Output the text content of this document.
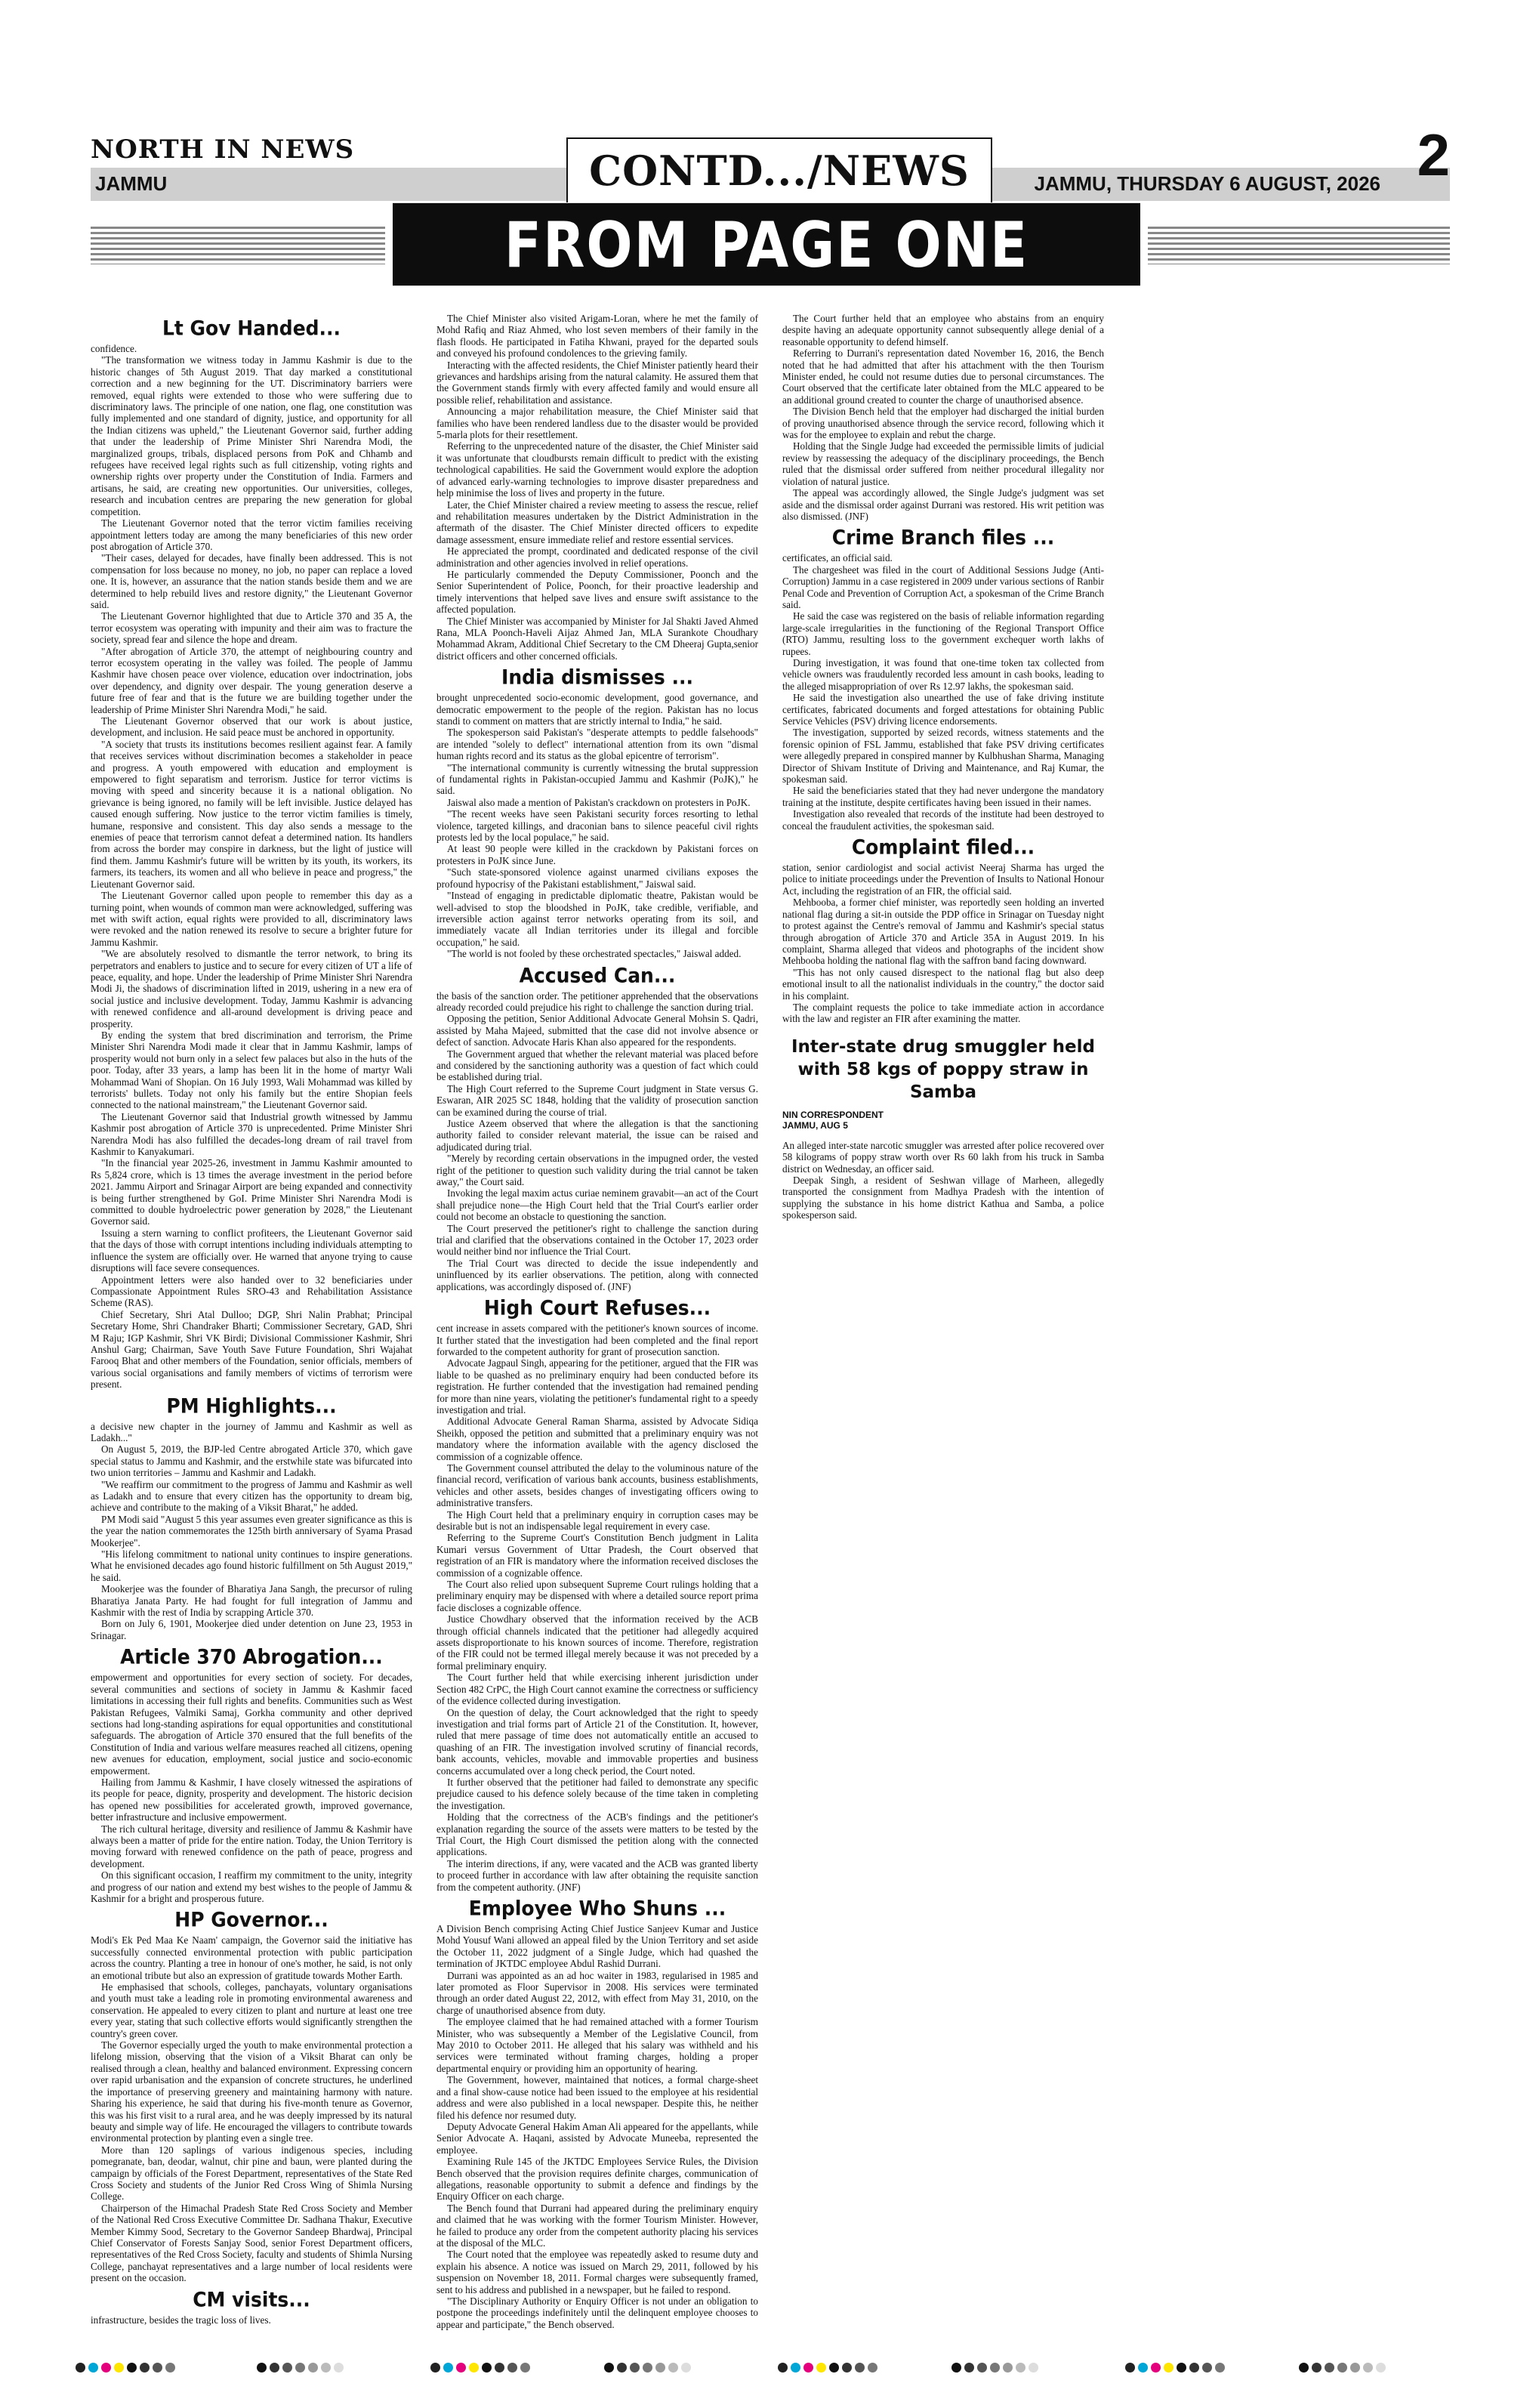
NORTH IN NEWS
JAMMU	JAMMU, THURSDAY 6 AUGUST, 2026 2
CONTD.../NEWS
FROM PAGE ONE
Lt Gov Handed...

confidence.

"The transformation we witness today in Jammu Kashmir is due to the historic changes of 5th August 2019. That day marked a constitutional correction and a new beginning for the UT. Discriminatory barriers were removed, equal rights were extended to those who were suffering due to discriminatory laws. The principle of one nation, one flag, one constitution was fully implemented and one standard of dignity, justice, and opportunity for all the Indian citizens was upheld," the Lieutenant Governor said, further adding that under the leadership of Prime Minister Shri Narendra Modi, the marginalized groups, tribals, displaced persons from PoK and Chhamb and refugees have received legal rights such as full citizenship, voting rights and ownership rights over property under the Constitution of India. Farmers and artisans, he said, are creating new opportunities. Our universities, colleges, research and incubation centres are preparing the new generation for global competition.

The Lieutenant Governor noted that the terror victim families receiving appointment letters today are among the many beneficiaries of this new order post abrogation of Article 370.

"Their cases, delayed for decades, have finally been addressed. This is not compensation for loss because no money, no job, no paper can replace a loved one. It is, however, an assurance that the nation stands beside them and we are determined to help rebuild lives and restore dignity," the Lieutenant Governor said.

The Lieutenant Governor highlighted that due to Article 370 and 35 A, the terror ecosystem was operating with impunity and their aim was to fracture the society, spread fear and silence the hope and dream.

"After abrogation of Article 370, the attempt of neighbouring country and terror ecosystem operating in the valley was foiled. The people of Jammu Kashmir have chosen peace over violence, education over indoctrination, jobs over dependency, and dignity over despair. The young generation deserve a future free of fear and that is the future we are building together under the leadership of Prime Minister Shri Narendra Modi," he said.

The Lieutenant Governor observed that our work is about justice, development, and inclusion. He said peace must be anchored in opportunity.

"A society that trusts its institutions becomes resilient against fear. A family that receives services without discrimination becomes a stakeholder in peace and progress. A youth empowered with education and employment is empowered to fight separatism and terrorism. Justice for terror victims is moving with speed and sincerity because it is a national obligation. No grievance is being ignored, no family will be left invisible. Justice delayed has caused enough suffering. Now justice to the terror victim families is timely, humane, responsive and consistent. This day also sends a message to the enemies of peace that terrorism cannot defeat a determined nation. Its handlers from across the border may conspire in darkness, but the light of justice will find them. Jammu Kashmir's future will be written by its youth, its workers, its farmers, its teachers, its women and all who believe in peace and progress," the Lieutenant Governor said.

The Lieutenant Governor called upon people to remember this day as a turning point, when wounds of common man were acknowledged, suffering was met with swift action, equal rights were provided to all, discriminatory laws were revoked and the nation renewed its resolve to secure a brighter future for Jammu Kashmir.

"We are absolutely resolved to dismantle the terror network, to bring its perpetrators and enablers to justice and to secure for every citizen of UT a life of peace, equality, and hope. Under the leadership of Prime Minister Shri Narendra Modi Ji, the shadows of discrimination lifted in 2019, ushering in a new era of social justice and inclusive development. Today, Jammu Kashmir is advancing with renewed confidence and all-around development is driving peace and prosperity.

By ending the system that bred discrimination and terrorism, the Prime Minister Shri Narendra Modi made it clear that in Jammu Kashmir, lamps of prosperity would not burn only in a select few palaces but also in the huts of the poor. Today, after 33 years, a lamp has been lit in the home of martyr Wali Mohammad Wani of Shopian. On 16 July 1993, Wali Mohammad was killed by terrorists' bullets. Today not only his family but the entire Shopian feels connected to the national mainstream," the Lieutenant Governor said.

The Lieutenant Governor said that Industrial growth witnessed by Jammu Kashmir post abrogation of Article 370 is unprecedented. Prime Minister Shri Narendra Modi has also fulfilled the decades-long dream of rail travel from Kashmir to Kanyakumari.

"In the financial year 2025-26, investment in Jammu Kashmir amounted to Rs 5,824 crore, which is 13 times the average investment in the period before 2021. Jammu Airport and Srinagar Airport are being expanded and connectivity is being further strengthened by GoI. Prime Minister Shri Narendra Modi is committed to double hydroelectric power generation by 2028," the Lieutenant Governor said.

Issuing a stern warning to conflict profiteers, the Lieutenant Governor said that the days of those with corrupt intentions including individuals attempting to influence the system are officially over. He warned that anyone trying to cause disruptions will face severe consequences.

Appointment letters were also handed over to 32 beneficiaries under Compassionate Appointment Rules SRO-43 and Rehabilitation Assistance Scheme (RAS).

Chief Secretary, Shri Atal Dulloo; DGP, Shri Nalin Prabhat; Principal Secretary Home, Shri Chandraker Bharti; Commissioner Secretary, GAD, Shri M Raju; IGP Kashmir, Shri VK Birdi; Divisional Commissioner Kashmir, Shri Anshul Garg; Chairman, Save Youth Save Future Foundation, Shri Wajahat Farooq Bhat and other members of the Foundation, senior officials, members of various social organisations and family members of victims of terrorism were present.

PM Highlights...

a decisive new chapter in the journey of Jammu and Kashmir as well as Ladakh..."

On August 5, 2019, the BJP-led Centre abrogated Article 370, which gave special status to Jammu and Kashmir, and the erstwhile state was bifurcated into two union territories – Jammu and Kashmir and Ladakh.

"We reaffirm our commitment to the progress of Jammu and Kashmir as well as Ladakh and to ensure that every citizen has the opportunity to dream big, achieve and contribute to the making of a Viksit Bharat," he added.

PM Modi said "August 5 this year assumes even greater significance as this is the year the nation commemorates the 125th birth anniversary of Syama Prasad Mookerjee".

"His lifelong commitment to national unity continues to inspire generations. What he envisioned decades ago found historic fulfillment on 5th August 2019," he said.

Mookerjee was the founder of Bharatiya Jana Sangh, the precursor of ruling Bharatiya Janata Party. He had fought for full integration of Jammu and Kashmir with the rest of India by scrapping Article 370.

Born on July 6, 1901, Mookerjee died under detention on June 23, 1953 in Srinagar.

Article 370 Abrogation...

empowerment and opportunities for every section of society. For decades, several communities and sections of society in Jammu & Kashmir faced limitations in accessing their full rights and benefits. Communities such as West Pakistan Refugees, Valmiki Samaj, Gorkha community and other deprived sections had long-standing aspirations for equal opportunities and constitutional safeguards. The abrogation of Article 370 ensured that the full benefits of the Constitution of India and various welfare measures reached all citizens, opening new avenues for education, employment, social justice and socio-economic empowerment.

Hailing from Jammu & Kashmir, I have closely witnessed the aspirations of its people for peace, dignity, prosperity and development. The historic decision has opened new possibilities for accelerated growth, improved governance, better infrastructure and inclusive empowerment.

The rich cultural heritage, diversity and resilience of Jammu & Kashmir have always been a matter of pride for the entire nation. Today, the Union Territory is moving forward with renewed confidence on the path of peace, progress and development.

On this significant occasion, I reaffirm my commitment to the unity, integrity and progress of our nation and extend my best wishes to the people of Jammu & Kashmir for a bright and prosperous future.

HP Governor...

Modi's Ek Ped Maa Ke Naam' campaign, the Governor said the initiative has successfully connected environmental protection with public participation across the country. Planting a tree in honour of one's mother, he said, is not only an emotional tribute but also an expression of gratitude towards Mother Earth.

He emphasised that schools, colleges, panchayats, voluntary organisations and youth must take a leading role in promoting environmental awareness and conservation. He appealed to every citizen to plant and nurture at least one tree every year, stating that such collective efforts would significantly strengthen the country's green cover.

The Governor especially urged the youth to make environmental protection a lifelong mission, observing that the vision of a Viksit Bharat can only be realised through a clean, healthy and balanced environment. Expressing concern over rapid urbanisation and the expansion of concrete structures, he underlined the importance of preserving greenery and maintaining harmony with nature. Sharing his experience, he said that during his five-month tenure as Governor, this was his first visit to a rural area, and he was deeply impressed by its natural beauty and simple way of life. He encouraged the villagers to contribute towards environmental protection by planting even a single tree.

More than 120 saplings of various indigenous species, including pomegranate, ban, deodar, walnut, chir pine and baun, were planted during the campaign by officials of the Forest Department, representatives of the State Red Cross Society and students of the Junior Red Cross Wing of Shimla Nursing College.

Chairperson of the Himachal Pradesh State Red Cross Society and Member of the National Red Cross Executive Committee Dr. Sadhana Thakur, Executive Member Kimmy Sood, Secretary to the Governor Sandeep Bhardwaj, Principal Chief Conservator of Forests Sanjay Sood, senior Forest Department officers, representatives of the Red Cross Society, faculty and students of Shimla Nursing College, panchayat representatives and a large number of local residents were present on the occasion.

CM visits...

infrastructure, besides the tragic loss of lives.

The Chief Minister also visited Arigam-Loran, where he met the family of Mohd Rafiq and Riaz Ahmed, who lost seven members of their family in the flash floods. He participated in Fatiha Khwani, prayed for the departed souls and conveyed his profound condolences to the grieving family.

Interacting with the affected residents, the Chief Minister patiently heard their grievances and hardships arising from the natural calamity. He assured them that the Government stands firmly with every affected family and would ensure all possible relief, rehabilitation and assistance.

Announcing a major rehabilitation measure, the Chief Minister said that families who have been rendered landless due to the disaster would be provided 5-marla plots for their resettlement.

Referring to the unprecedented nature of the disaster, the Chief Minister said it was unfortunate that cloudbursts remain difficult to predict with the existing technological capabilities. He said the Government would explore the adoption of advanced early-warning technologies to improve disaster preparedness and help minimise the loss of lives and property in the future.

Later, the Chief Minister chaired a review meeting to assess the rescue, relief and rehabilitation measures undertaken by the District Administration in the aftermath of the disaster. The Chief Minister directed officers to expedite damage assessment, ensure immediate relief and restore essential services.

He appreciated the prompt, coordinated and dedicated response of the civil administration and other agencies involved in relief operations.

He particularly commended the Deputy Commissioner, Poonch and the Senior Superintendent of Police, Poonch, for their proactive leadership and timely interventions that helped save lives and ensure swift assistance to the affected population.

The Chief Minister was accompanied by Minister for Jal Shakti Javed Ahmed Rana, MLA Poonch-Haveli Aijaz Ahmed Jan, MLA Surankote Choudhary Mohammad Akram, Additional Chief Secretary to the CM Dheeraj Gupta,senior district officers and other concerned officials.

India dismisses ...

brought unprecedented socio-economic development, good governance, and democratic empowerment to the people of the region. Pakistan has no locus standi to comment on matters that are strictly internal to India," he said.

The spokesperson said Pakistan's "desperate attempts to peddle falsehoods" are intended "solely to deflect" international attention from its own "dismal human rights record and its status as the global epicentre of terrorism".

"The international community is currently witnessing the brutal suppression of fundamental rights in Pakistan-occupied Jammu and Kashmir (PoJK)," he said.

Jaiswal also made a mention of Pakistan's crackdown on protesters in PoJK.

"The recent weeks have seen Pakistani security forces resorting to lethal violence, targeted killings, and draconian bans to silence peaceful civil rights protests led by the local populace," he said.

At least 90 people were killed in the crackdown by Pakistani forces on protesters in PoJK since June.

"Such state-sponsored violence against unarmed civilians exposes the profound hypocrisy of the Pakistani establishment," Jaiswal said.

"Instead of engaging in predictable diplomatic theatre, Pakistan would be well-advised to stop the bloodshed in PoJK, take credible, verifiable, and irreversible action against terror networks operating from its soil, and immediately vacate all Indian territories under its illegal and forcible occupation," he said.

"The world is not fooled by these orchestrated spectacles," Jaiswal added.

Accused Can...

the basis of the sanction order. The petitioner apprehended that the observations already recorded could prejudice his right to challenge the sanction during trial.

Opposing the petition, Senior Additional Advocate General Mohsin S. Qadri, assisted by Maha Majeed, submitted that the case did not involve absence or defect of sanction. Advocate Haris Khan also appeared for the respondents.

The Government argued that whether the relevant material was placed before and considered by the sanctioning authority was a question of fact which could be established during trial.

The High Court referred to the Supreme Court judgment in State versus G. Eswaran, AIR 2025 SC 1848, holding that the validity of prosecution sanction can be examined during the course of trial.

Justice Azeem observed that where the allegation is that the sanctioning authority failed to consider relevant material, the issue can be raised and adjudicated during trial.

"Merely by recording certain observations in the impugned order, the vested right of the petitioner to question such validity during the trial cannot be taken away," the Court said.

Invoking the legal maxim actus curiae neminem gravabit—an act of the Court shall prejudice none—the High Court held that the Trial Court's earlier order could not become an obstacle to questioning the sanction.

The Court preserved the petitioner's right to challenge the sanction during trial and clarified that the observations contained in the October 17, 2023 order would neither bind nor influence the Trial Court.

The Trial Court was directed to decide the issue independently and uninfluenced by its earlier observations. The petition, along with connected applications, was accordingly disposed of. (JNF)

High Court Refuses...

cent increase in assets compared with the petitioner's known sources of income. It further stated that the investigation had been completed and the final report forwarded to the competent authority for grant of prosecution sanction.

Advocate Jagpaul Singh, appearing for the petitioner, argued that the FIR was liable to be quashed as no preliminary enquiry had been conducted before its registration. He further contended that the investigation had remained pending for more than nine years, violating the petitioner's fundamental right to a speedy investigation and trial.

Additional Advocate General Raman Sharma, assisted by Advocate Sidiqa Sheikh, opposed the petition and submitted that a preliminary enquiry was not mandatory where the information available with the agency disclosed the commission of a cognizable offence.

The Government counsel attributed the delay to the voluminous nature of the financial record, verification of various bank accounts, business establishments, vehicles and other assets, besides changes of investigating officers owing to administrative transfers.

The High Court held that a preliminary enquiry in corruption cases may be desirable but is not an indispensable legal requirement in every case.

Referring to the Supreme Court's Constitution Bench judgment in Lalita Kumari versus Government of Uttar Pradesh, the Court observed that registration of an FIR is mandatory where the information received discloses the commission of a cognizable offence.

The Court also relied upon subsequent Supreme Court rulings holding that a preliminary enquiry may be dispensed with where a detailed source report prima facie discloses a cognizable offence.

Justice Chowdhary observed that the information received by the ACB through official channels indicated that the petitioner had allegedly acquired assets disproportionate to his known sources of income. Therefore, registration of the FIR could not be termed illegal merely because it was not preceded by a formal preliminary enquiry.

The Court further held that while exercising inherent jurisdiction under Section 482 CrPC, the High Court cannot examine the correctness or sufficiency of the evidence collected during investigation.

On the question of delay, the Court acknowledged that the right to speedy investigation and trial forms part of Article 21 of the Constitution. It, however, ruled that mere passage of time does not automatically entitle an accused to quashing of an FIR. The investigation involved scrutiny of financial records, bank accounts, vehicles, movable and immovable properties and business concerns accumulated over a long check period, the Court noted.

It further observed that the petitioner had failed to demonstrate any specific prejudice caused to his defence solely because of the time taken in completing the investigation.

Holding that the correctness of the ACB's findings and the petitioner's explanation regarding the source of the assets were matters to be tested by the Trial Court, the High Court dismissed the petition along with the connected applications.

The interim directions, if any, were vacated and the ACB was granted liberty to proceed further in accordance with law after obtaining the requisite sanction from the competent authority. (JNF)

Employee Who Shuns ...

A Division Bench comprising Acting Chief Justice Sanjeev Kumar and Justice Mohd Yousuf Wani allowed an appeal filed by the Union Territory and set aside the October 11, 2022 judgment of a Single Judge, which had quashed the termination of JKTDC employee Abdul Rashid Durrani.

Durrani was appointed as an ad hoc waiter in 1983, regularised in 1985 and later promoted as Floor Supervisor in 2008. His services were terminated through an order dated August 22, 2012, with effect from May 31, 2010, on the charge of unauthorised absence from duty.

The employee claimed that he had remained attached with a former Tourism Minister, who was subsequently a Member of the Legislative Council, from May 2010 to October 2011. He alleged that his salary was withheld and his services were terminated without framing charges, holding a proper departmental enquiry or providing him an opportunity of hearing.

The Government, however, maintained that notices, a formal charge-sheet and a final show-cause notice had been issued to the employee at his residential address and were also published in a local newspaper. Despite this, he neither filed his defence nor resumed duty.

Deputy Advocate General Hakim Aman Ali appeared for the appellants, while Senior Advocate A. Haqani, assisted by Advocate Muneeba, represented the employee.

Examining Rule 145 of the JKTDC Employees Service Rules, the Division Bench observed that the provision requires definite charges, communication of allegations, reasonable opportunity to submit a defence and findings by the Enquiry Officer on each charge.

The Bench found that Durrani had appeared during the preliminary enquiry and claimed that he was working with the former Tourism Minister. However, he failed to produce any order from the competent authority placing his services at the disposal of the MLC.

The Court noted that the employee was repeatedly asked to resume duty and explain his absence. A notice was issued on March 29, 2011, followed by his suspension on November 18, 2011. Formal charges were subsequently framed, sent to his address and published in a newspaper, but he failed to respond.

"The Disciplinary Authority or Enquiry Officer is not under an obligation to postpone the proceedings indefinitely until the delinquent employee chooses to appear and participate," the Bench observed.

The Court further held that an employee who abstains from an enquiry despite having an adequate opportunity cannot subsequently allege denial of a reasonable opportunity to defend himself.

Referring to Durrani's representation dated November 16, 2016, the Bench noted that he had admitted that after his attachment with the then Tourism Minister ended, he could not resume duties due to personal circumstances. The Court observed that the certificate later obtained from the MLC appeared to be an additional ground created to counter the charge of unauthorised absence.

The Division Bench held that the employer had discharged the initial burden of proving unauthorised absence through the service record, following which it was for the employee to explain and rebut the charge.

Holding that the Single Judge had exceeded the permissible limits of judicial review by reassessing the adequacy of the disciplinary proceedings, the Bench ruled that the dismissal order suffered from neither procedural illegality nor violation of natural justice.

The appeal was accordingly allowed, the Single Judge's judgment was set aside and the dismissal order against Durrani was restored. His writ petition was also dismissed. (JNF)

Crime Branch files ...

certificates, an official said.

The chargesheet was filed in the court of Additional Sessions Judge (Anti-Corruption) Jammu in a case registered in 2009 under various sections of Ranbir Penal Code and Prevention of Corruption Act, a spokesman of the Crime Branch said.

He said the case was registered on the basis of reliable information regarding large-scale irregularities in the functioning of the Regional Transport Office (RTO) Jammu, resulting loss to the government exchequer worth lakhs of rupees.

During investigation, it was found that one-time token tax collected from vehicle owners was fraudulently recorded less amount in cash books, leading to the alleged misappropriation of over Rs 12.97 lakhs, the spokesman said.

He said the investigation also unearthed the use of fake driving institute certificates, fabricated documents and forged attestations for obtaining Public Service Vehicles (PSV) driving licence endorsements.

The investigation, supported by seized records, witness statements and the forensic opinion of FSL Jammu, established that fake PSV driving certificates were allegedly prepared in conspired manner by Kulbhushan Sharma, Managing Director of Shivam Institute of Driving and Maintenance, and Raj Kumar, the spokesman said.

He said the beneficiaries stated that they had never undergone the mandatory training at the institute, despite certificates having been issued in their names.

Investigation also revealed that records of the institute had been destroyed to conceal the fraudulent activities, the spokesman said.

Complaint filed...

station, senior cardiologist and social activist Neeraj Sharma has urged the police to initiate proceedings under the Prevention of Insults to National Honour Act, including the registration of an FIR, the official said.

Mehbooba, a former chief minister, was reportedly seen holding an inverted national flag during a sit-in outside the PDP office in Srinagar on Tuesday night to protest against the Centre's removal of Jammu and Kashmir's special status through abrogation of Article 370 and Article 35A in August 2019. In his complaint, Sharma alleged that videos and photographs of the incident show Mehbooba holding the national flag with the saffron band facing downward.

"This has not only caused disrespect to the national flag but also deep emotional insult to all the nationalist individuals in the country," the doctor said in his complaint.

The complaint requests the police to take immediate action in accordance with the law and register an FIR after examining the matter.

Inter-state drug smuggler held with 58 kgs of poppy straw in Samba
NIN CORRESPONDENT
JAMMU, AUG 5

An alleged inter-state narcotic smuggler was arrested after police recovered over 58 kilograms of poppy straw worth over Rs 60 lakh from his truck in Samba district on Wednesday, an officer said.

Deepak Singh, a resident of Seshwan village of Marheen, allegedly transported the consignment from Madhya Pradesh with the intention of supplying the substance in his home district Kathua and Samba, a police spokesperson said.
